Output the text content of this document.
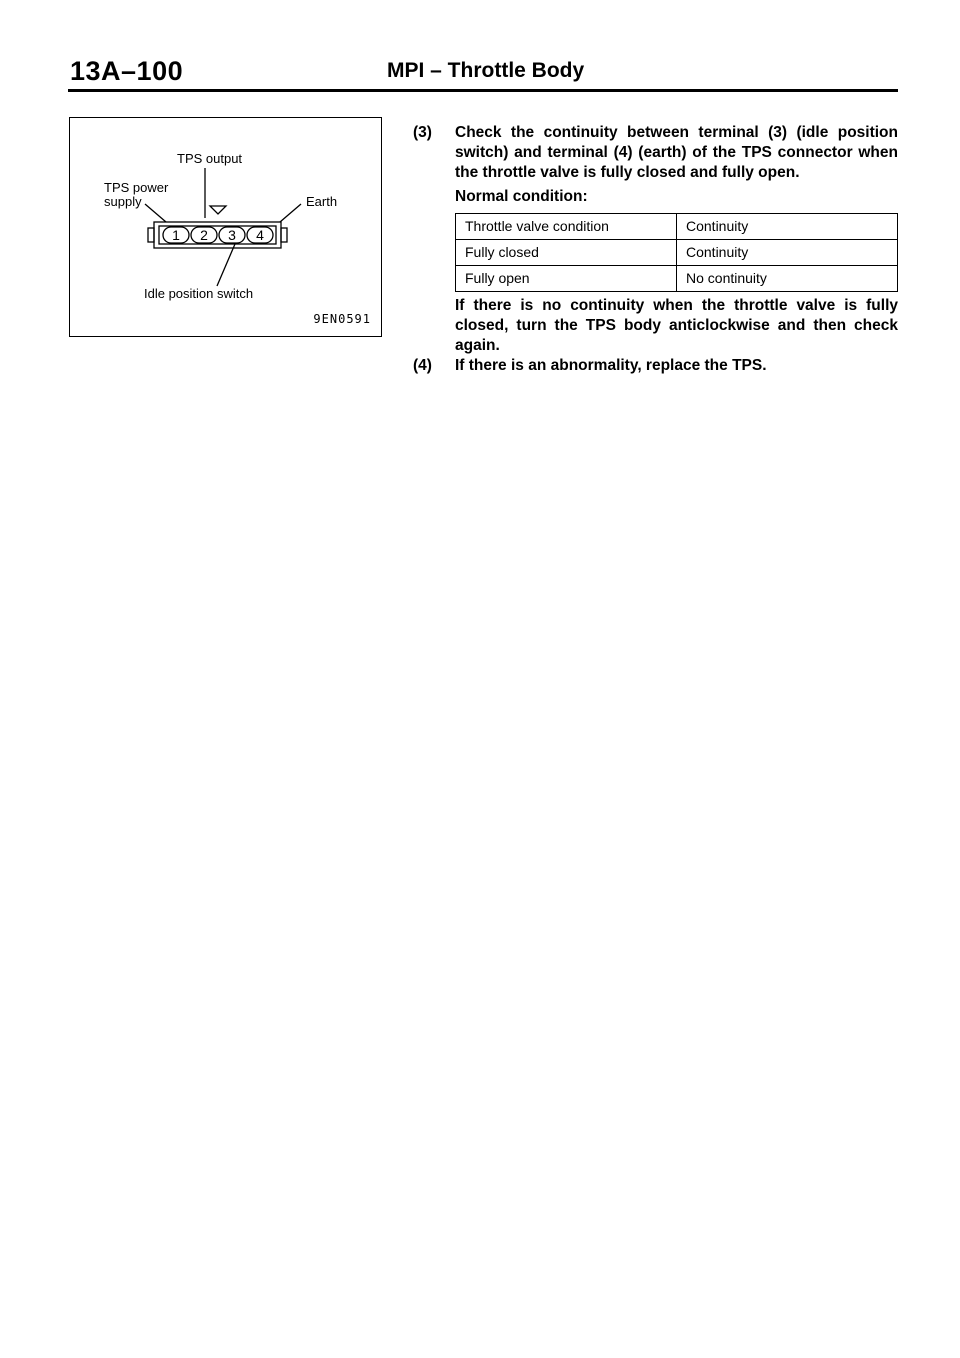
13A–100	MPI – Throttle Body
1 2 3 4
TPS output
TPS power
supply	Earth
Idle position switch
9EN0591
(3)	Check the continuity between terminal (3) (idle position switch) and terminal (4) (earth) of the TPS connector when the throttle valve is fully closed and fully open.
Normal condition:
Throttle valve condition	Continuity
Fully closed	Continuity
Fully open	No continuity
If there is no continuity when the throttle valve is fully closed, turn the TPS body anticlockwise and then check again.
(4)	If there is an abnormality, replace the TPS.
